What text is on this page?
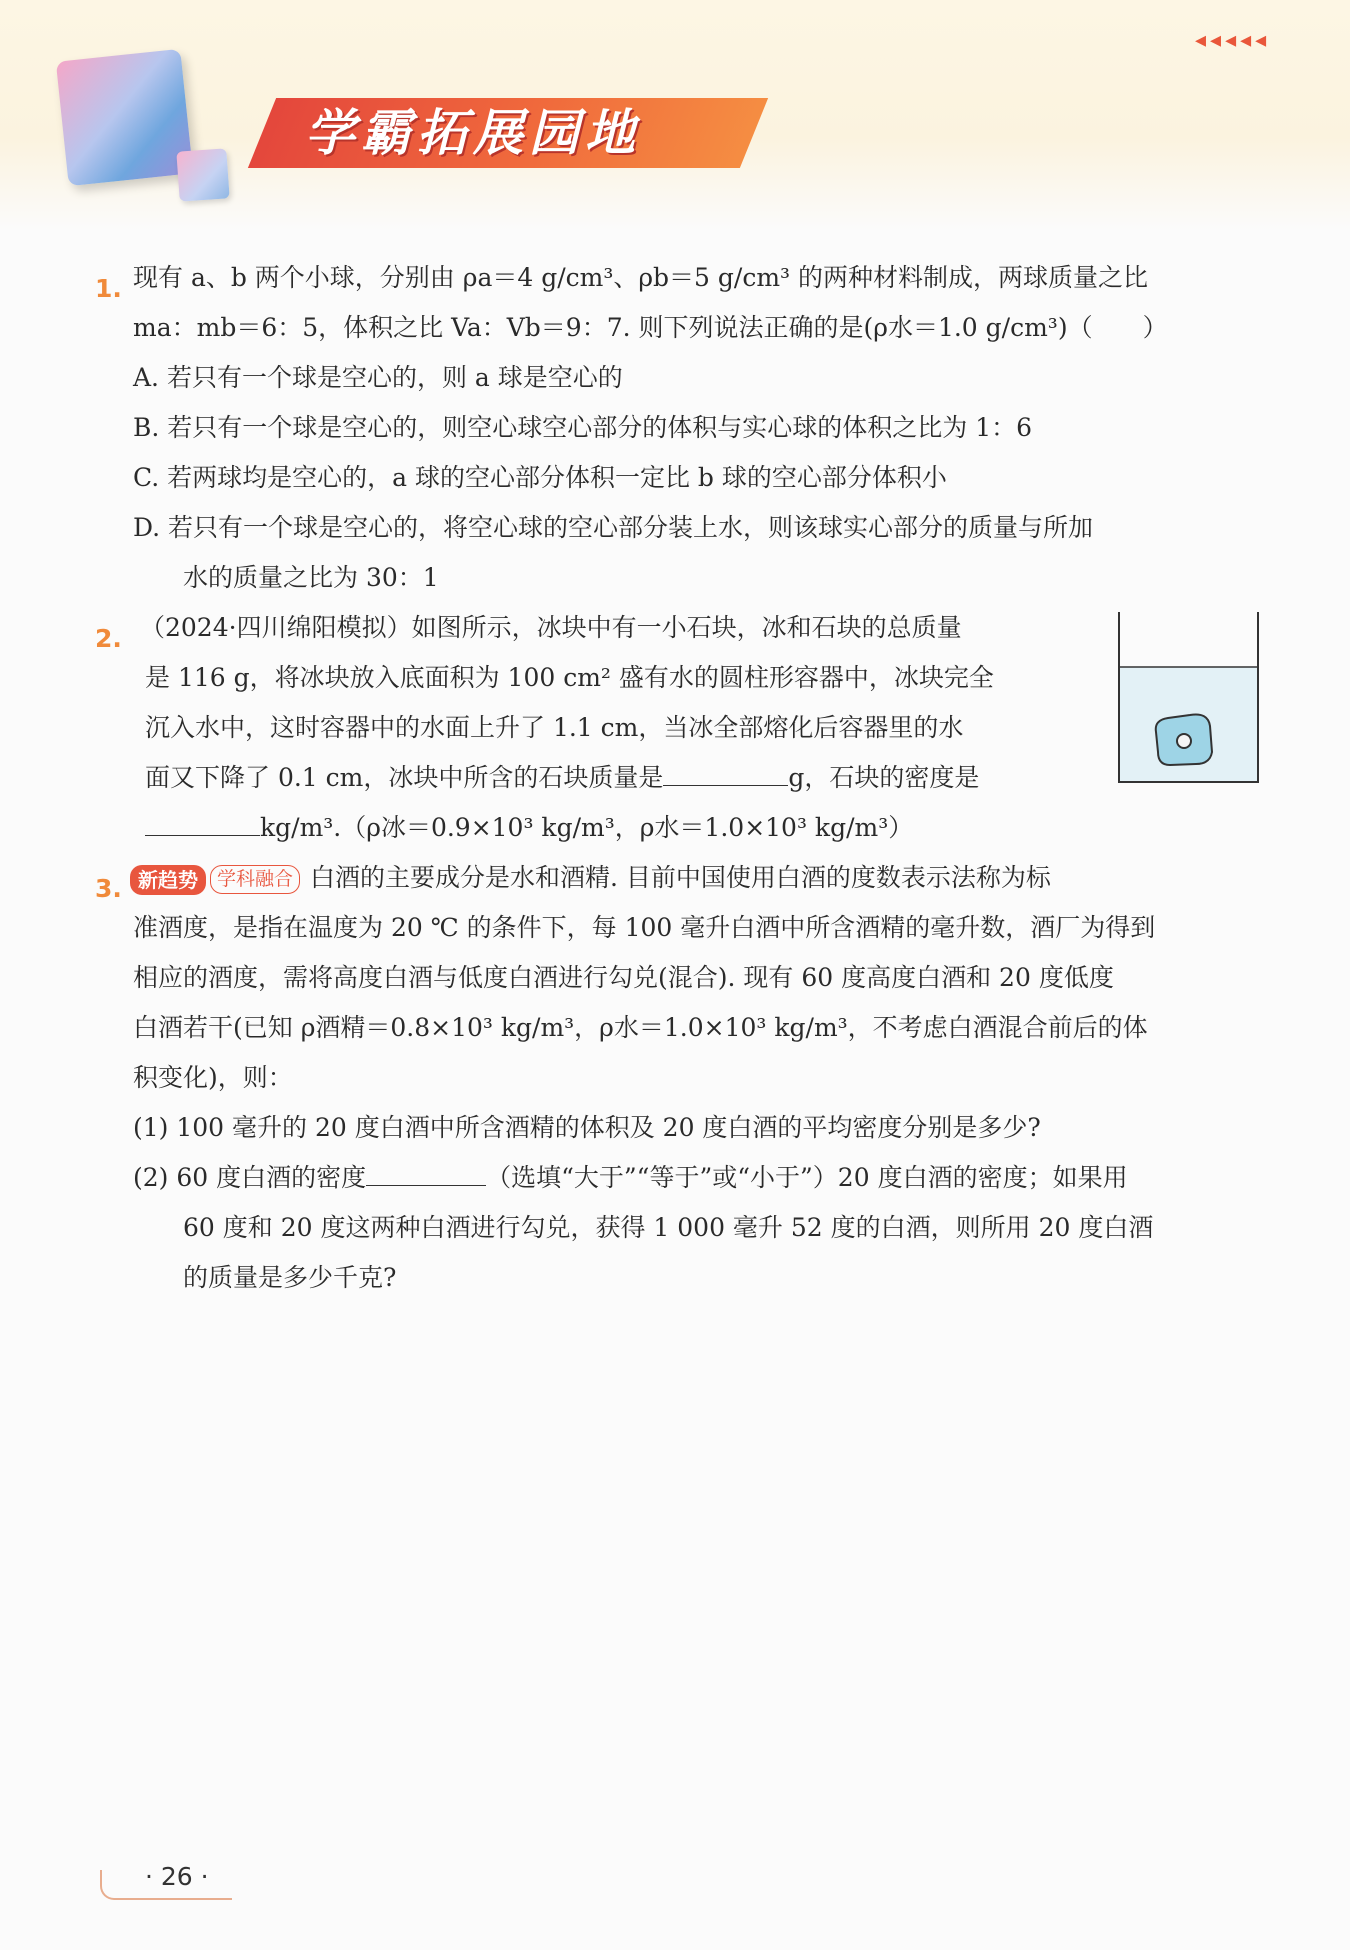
学霸拓展园地
◂◂◂◂◂
1. 现有 a、b 两个小球，分别由 ρa＝4 g/cm³、ρb＝5 g/cm³ 的两种材料制成，两球质量之比
ma：mb＝6：5，体积之比 Va：Vb＝9：7. 则下列说法正确的是(ρ水＝1.0 g/cm³)（　　）
A. 若只有一个球是空心的，则 a 球是空心的
B. 若只有一个球是空心的，则空心球空心部分的体积与实心球的体积之比为 1：6
C. 若两球均是空心的，a 球的空心部分体积一定比 b 球的空心部分体积小
D. 若只有一个球是空心的，将空心球的空心部分装上水，则该球实心部分的质量与所加
水的质量之比为 30：1
2. （2024·四川绵阳模拟）如图所示，冰块中有一小石块，冰和石块的总质量
是 116 g，将冰块放入底面积为 100 cm² 盛有水的圆柱形容器中，冰块完全
沉入水中，这时容器中的水面上升了 1.1 cm，当冰全部熔化后容器里的水
面又下降了 0.1 cm，冰块中所含的石块质量是	g，石块的密度是
kg/m³.（ρ冰＝0.9×10³ kg/m³，ρ水＝1.0×10³ kg/m³）
3. 新趋势 学科融合 白酒的主要成分是水和酒精. 目前中国使用白酒的度数表示法称为标
准酒度，是指在温度为 20 ℃ 的条件下，每 100 毫升白酒中所含酒精的毫升数，酒厂为得到
相应的酒度，需将高度白酒与低度白酒进行勾兑(混合). 现有 60 度高度白酒和 20 度低度
白酒若干(已知 ρ酒精＝0.8×10³ kg/m³，ρ水＝1.0×10³ kg/m³，不考虑白酒混合前后的体
积变化)，则：
(1) 100 毫升的 20 度白酒中所含酒精的体积及 20 度白酒的平均密度分别是多少?
(2) 60 度白酒的密度	（选填“大于”“等于”或“小于”）20 度白酒的密度；如果用
60 度和 20 度这两种白酒进行勾兑，获得 1 000 毫升 52 度的白酒，则所用 20 度白酒
的质量是多少千克?
· 26 ·
